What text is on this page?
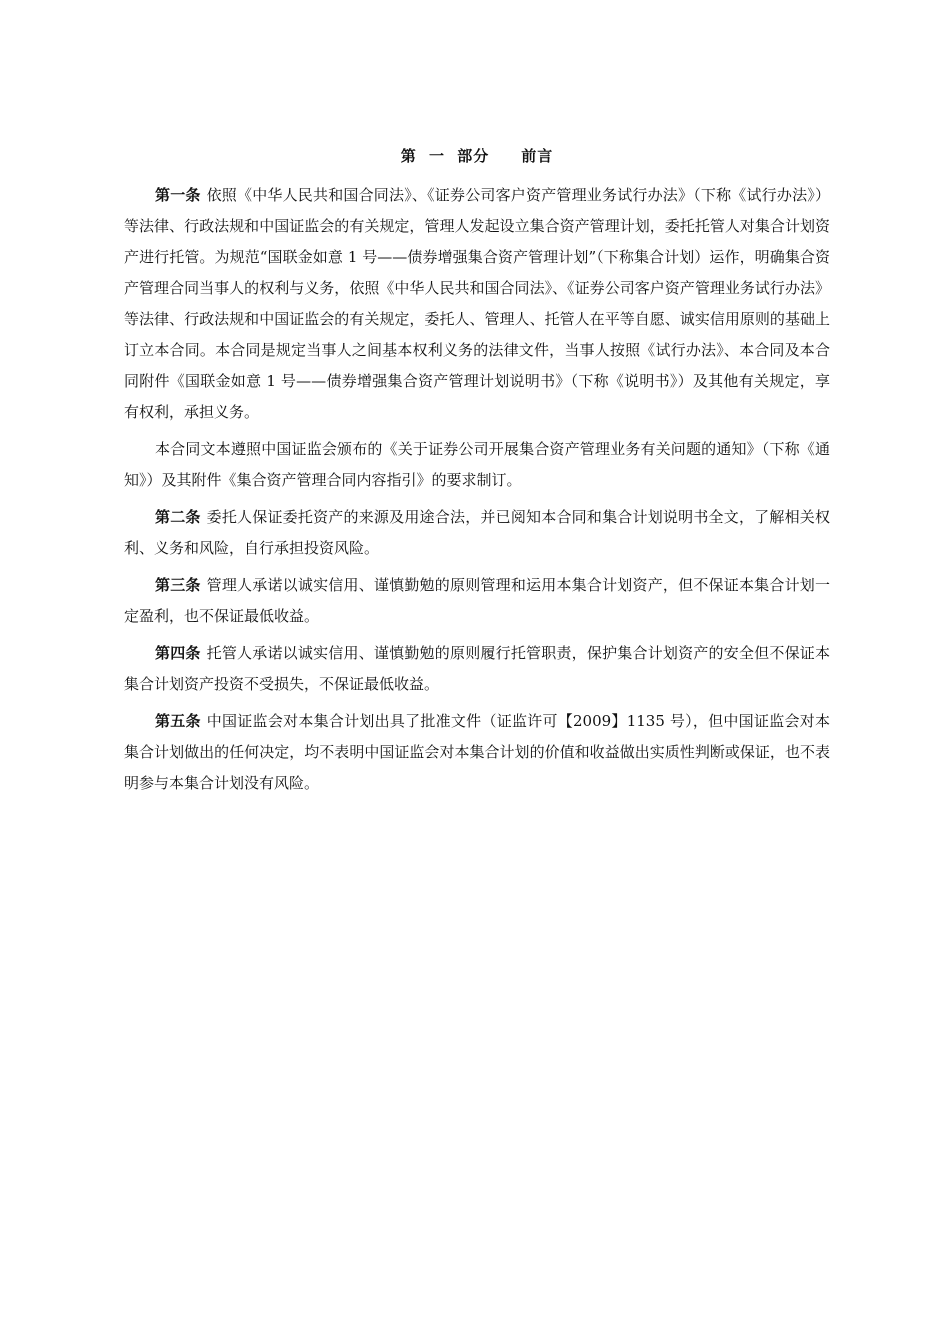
第 一 部分　　前言

第一条 依照《中华人民共和国合同法》、《证券公司客户资产管理业务试行办法》（下称《试行办法》）等法律、行政法规和中国证监会的有关规定，管理人发起设立集合资产管理计划，委托托管人对集合计划资产进行托管。为规范“国联金如意 1 号——债券增强集合资产管理计划”（下称集合计划）运作，明确集合资产管理合同当事人的权利与义务，依照《中华人民共和国合同法》、《证券公司客户资产管理业务试行办法》等法律、行政法规和中国证监会的有关规定，委托人、管理人、托管人在平等自愿、诚实信用原则的基础上订立本合同。本合同是规定当事人之间基本权利义务的法律文件，当事人按照《试行办法》、本合同及本合同附件《国联金如意 1 号——债券增强集合资产管理计划说明书》（下称《说明书》）及其他有关规定，享有权利，承担义务。

本合同文本遵照中国证监会颁布的《关于证券公司开展集合资产管理业务有关问题的通知》（下称《通知》）及其附件《集合资产管理合同内容指引》的要求制订。

第二条 委托人保证委托资产的来源及用途合法，并已阅知本合同和集合计划说明书全文，了解相关权利、义务和风险，自行承担投资风险。

第三条 管理人承诺以诚实信用、谨慎勤勉的原则管理和运用本集合计划资产，但不保证本集合计划一定盈利，也不保证最低收益。

第四条 托管人承诺以诚实信用、谨慎勤勉的原则履行托管职责，保护集合计划资产的安全但不保证本集合计划资产投资不受损失，不保证最低收益。

第五条 中国证监会对本集合计划出具了批准文件（证监许可【2009】1135 号），但中国证监会对本集合计划做出的任何决定，均不表明中国证监会对本集合计划的价值和收益做出实质性判断或保证，也不表明参与本集合计划没有风险。
